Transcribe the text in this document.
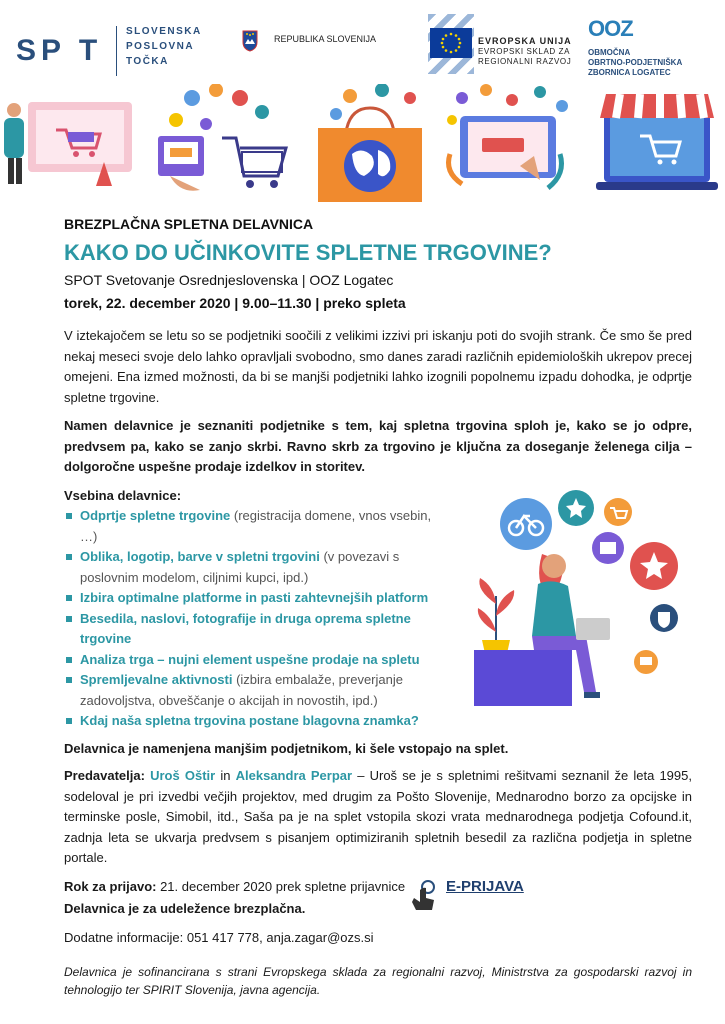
SP T
SLOVENSKA
POSLOVNA
TOČKA
REPUBLIKA SLOVENIJA	EVROPSKA UNIJA
EVROPSKI SKLAD ZA
REGIONALNI RAZVOJ
OOZ
OBMOČNA
OBRTNO-PODJETNIŠKA
ZBORNICA LOGATEC
BREZPLAČNA SPLETNA DELAVNICA
KAKO DO UČINKOVITE SPLETNE TRGOVINE?
SPOT Svetovanje Osrednjeslovenska | OOZ Logatec
torek, 22. december 2020 | 9.00–11.30 | preko spleta
V iztekajočem se letu so se podjetniki soočili z velikimi izzivi pri iskanju poti do svojih strank. Če smo še pred nekaj meseci svoje delo lahko opravljali svobodno, smo danes zaradi različnih epidemioloških ukrepov precej omejeni. Ena izmed možnosti, da bi se manjši podjetniki lahko izognili popolnemu izpadu dohodka, je odprtje spletne trgovine.
Namen delavnice je seznaniti podjetnike s tem, kaj spletna trgovina sploh je, kako se jo odpre, predvsem pa, kako se zanjo skrbi. Ravno skrb za trgovino je ključna za doseganje želenega cilja – dolgoročne uspešne prodaje izdelkov in storitev.
Vsebina delavnice:
Odprtje spletne trgovine (registracija domene, vnos vsebin, …)
Oblika, logotip, barve v spletni trgovini (v povezavi s poslovnim modelom, ciljnimi kupci, ipd.)
Izbira optimalne platforme in pasti zahtevnejših platform
Besedila, naslovi, fotografije in druga oprema spletne trgovine
Analiza trga – nujni element uspešne prodaje na spletu
Spremljevalne aktivnosti (izbira embalaže, preverjanje zadovoljstva, obveščanje o akcijah in novostih, ipd.)
Kdaj naša spletna trgovina postane blagovna znamka?
Delavnica je namenjena manjšim podjetnikom, ki šele vstopajo na splet.
Predavatelja: Uroš Oštir in Aleksandra Perpar – Uroš se je s spletnimi rešitvami seznanil že leta 1995, sodeloval je pri izvedbi večjih projektov, med drugim za Pošto Slovenije, Mednarodno borzo za opcijske in terminske posle, Simobil, itd., Saša pa je na splet vstopila skozi vrata mednarodnega podjetja Cofound.it, zadnja leta se ukvarja predvsem s pisanjem optimiziranih spletnih besedil za različna podjetja in spletne portale.
Rok za prijavo: 21. december 2020 prek spletne prijavnice	E-PRIJAVA
Delavnica je za udeležence brezplačna.
Dodatne informacije: 051 417 778, anja.zagar@ozs.si
Delavnica je sofinancirana s strani Evropskega sklada za regionalni razvoj, Ministrstva za gospodarski razvoj in tehnologijo ter SPIRIT Slovenija, javna agencija.
